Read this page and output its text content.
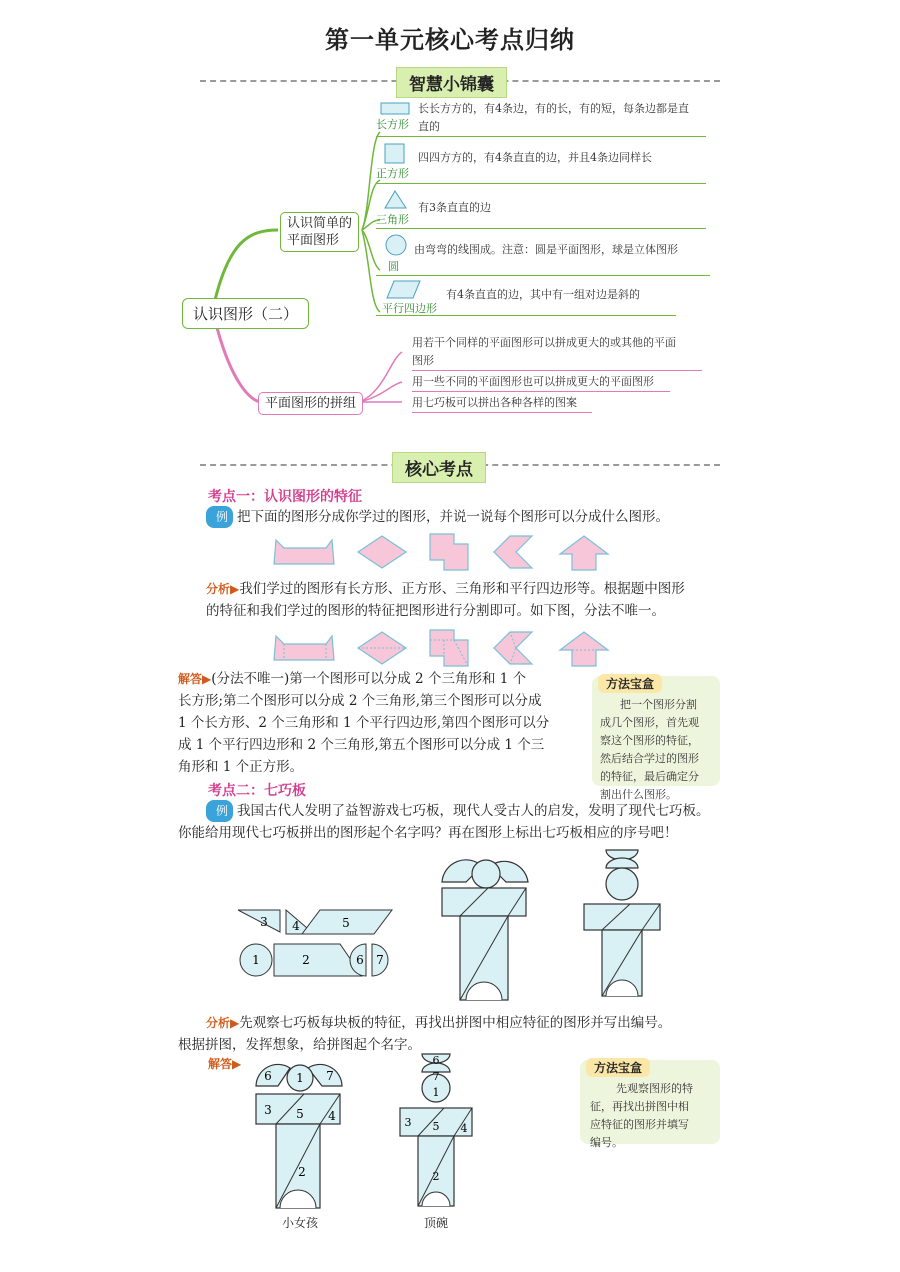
第一单元核心考点归纳
智慧小锦囊
认识图形（二）
认识简单的
平面图形
平面图形的拼组
长方形
长长方方的，有4条边，有的长，有的短，每条边都是直
直的
正方形
四四方方的，有4条直直的边，并且4条边同样长
三角形
有3条直直的边
圆
由弯弯的线围成。注意：圆是平面图形，球是立体图形
平行四边形
有4条直直的边，其中有一组对边是斜的
用若干个同样的平面图形可以拼成更大的或其他的平面
图形
用一些不同的平面图形也可以拼成更大的平面图形
用七巧板可以拼出各种各样的图案
核心考点
考点一：认识图形的特征
例 把下面的图形分成你学过的图形，并说一说每个图形可以分成什么图形。
分析▶我们学过的图形有长方形、正方形、三角形和平行四边形等。根据题中图形
的特征和我们学过的图形的特征把图形进行分割即可。如下图，分法不唯一。
解答▶(分法不唯一)第一个图形可以分成 2 个三角形和 1 个
长方形;第二个图形可以分成 2 个三角形,第三个图形可以分成
1 个长方形、2 个三角形和 1 个平行四边形,第四个图形可以分
成 1 个平行四边形和 2 个三角形,第五个图形可以分成 1 个三
角形和 1 个正方形。
方法宝盒
把一个图形分割
成几个图形，首先观
察这个图形的特征，
然后结合学过的图形
的特征，最后确定分
割出什么图形。
考点二：七巧板
例 我国古代人发明了益智游戏七巧板，现代人受古人的启发，发明了现代七巧板。
你能给用现代七巧板拼出的图形起个名字吗？再在图形上标出七巧板相应的序号吧！
3 4	5
1	2	6 7
分析▶先观察七巧板每块板的特征，再找出拼图中相应特征的图形并写出编号。
根据拼图，发挥想象，给拼图起个名字。
解答▶
6 1 7
3 5 4
2
小女孩
6
7
1
3 5 4
2
顶碗
方法宝盒
先观察图形的特
征，再找出拼图中相
应特征的图形并填写
编号。
